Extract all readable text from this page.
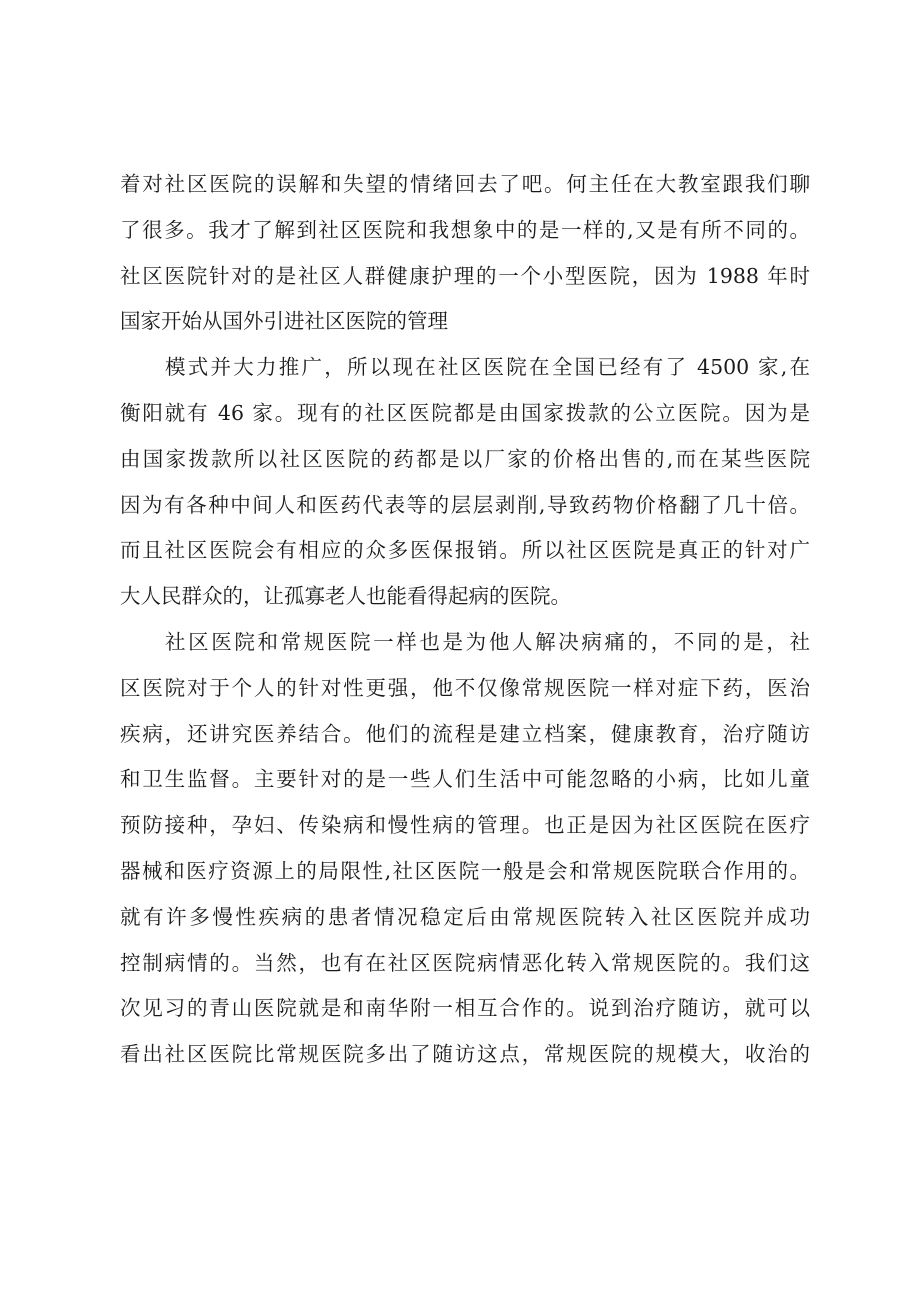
着对社区医院的误解和失望的情绪回去了吧。何主任在大教室跟我们聊
了很多。我才了解到社区医院和我想象中的是一样的,又是有所不同的。
社区医院针对的是社区人群健康护理的一个小型医院，因为 1988 年时
国家开始从国外引进社区医院的管理
模式并大力推广，所以现在社区医院在全国已经有了 4500 家,在
衡阳就有 46 家。现有的社区医院都是由国家拨款的公立医院。因为是
由国家拨款所以社区医院的药都是以厂家的价格出售的,而在某些医院
因为有各种中间人和医药代表等的层层剥削,导致药物价格翻了几十倍。
而且社区医院会有相应的众多医保报销。所以社区医院是真正的针对广
大人民群众的，让孤寡老人也能看得起病的医院。
社区医院和常规医院一样也是为他人解决病痛的，不同的是，社
区医院对于个人的针对性更强，他不仅像常规医院一样对症下药，医治
疾病，还讲究医养结合。他们的流程是建立档案，健康教育，治疗随访
和卫生监督。主要针对的是一些人们生活中可能忽略的小病，比如儿童
预防接种，孕妇、传染病和慢性病的管理。也正是因为社区医院在医疗
器械和医疗资源上的局限性,社区医院一般是会和常规医院联合作用的。
就有许多慢性疾病的患者情况稳定后由常规医院转入社区医院并成功
控制病情的。当然，也有在社区医院病情恶化转入常规医院的。我们这
次见习的青山医院就是和南华附一相互合作的。说到治疗随访，就可以
看出社区医院比常规医院多出了随访这点，常规医院的规模大，收治的
